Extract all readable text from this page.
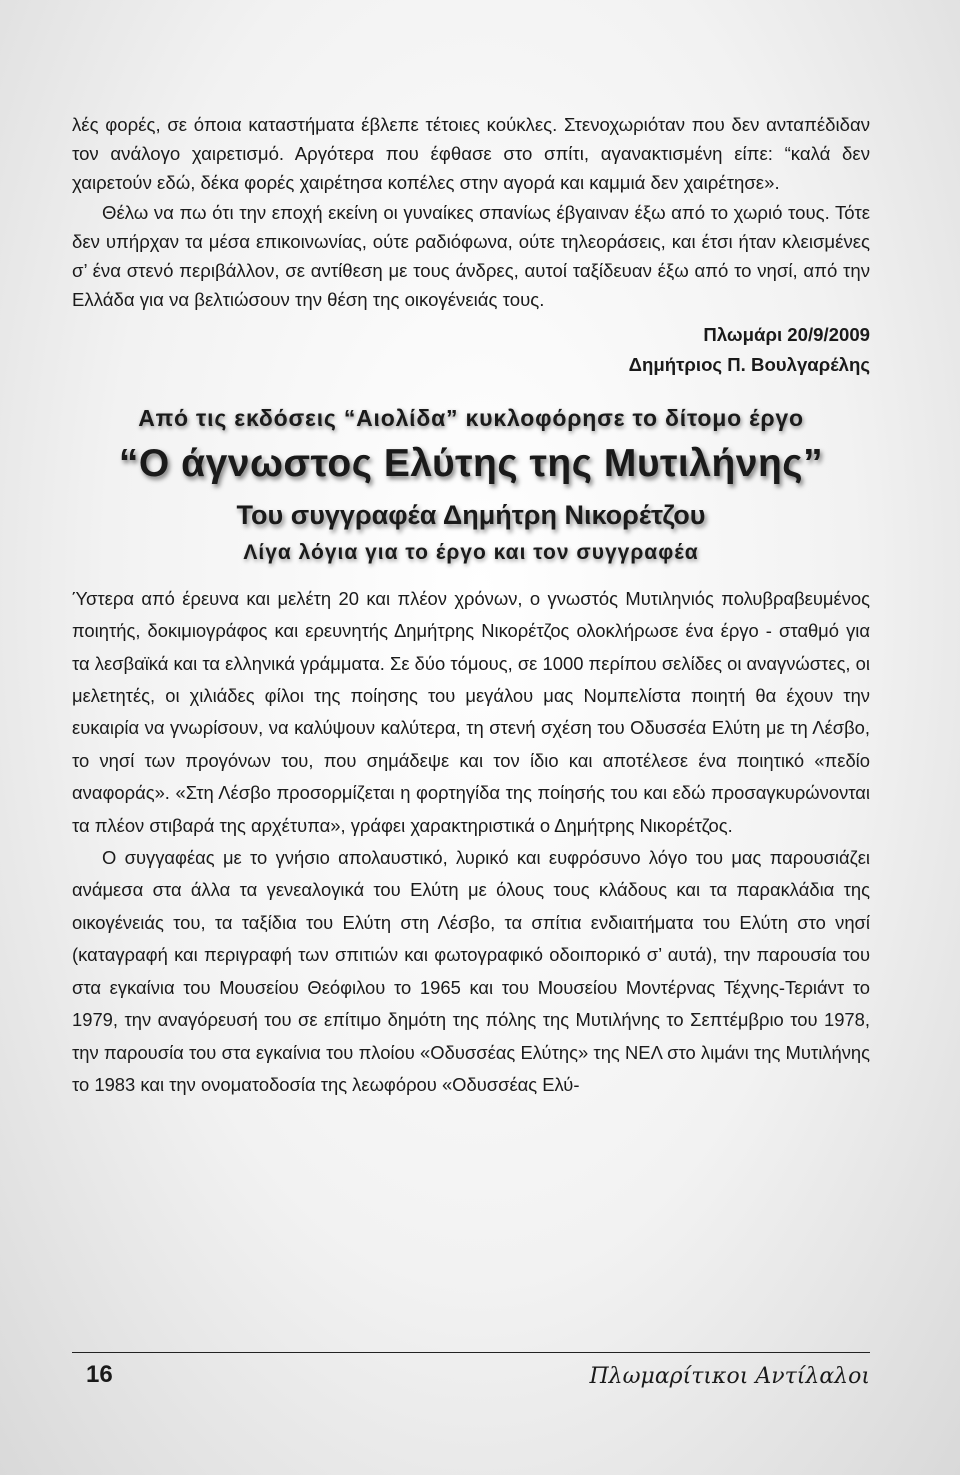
λές φορές, σε όποια καταστήματα έβλεπε τέτοιες κούκλες. Στενοχωριόταν που δεν ανταπέδιδαν τον ανάλογο χαιρετισμό. Αργότερα που έφθασε στο σπίτι, αγανακτισμένη είπε: “καλά δεν χαιρετούν εδώ, δέκα φορές χαιρέτησα κοπέλες στην αγορά και καμμιά δεν χαιρέτησε».

Θέλω να πω ότι την εποχή εκείνη οι γυναίκες σπανίως έβγαιναν έξω από το χωριό τους. Τότε δεν υπήρχαν τα μέσα επικοινωνίας, ούτε ραδιόφωνα, ούτε τηλεοράσεις, και έτσι ήταν κλεισμένες σ’ ένα στενό περιβάλλον, σε αντίθεση με τους άνδρες, αυτοί ταξίδευαν έξω από το νησί, από την Ελλάδα για να βελτιώσουν την θέση της οικογένειάς τους.

Πλωμάρι 20/9/2009
Δημήτριος Π. Βουλγαρέλης
Από τις εκδόσεις “Αιολίδα” κυκλοφόρησε το δίτομο έργο
“Ο άγνωστος Ελύτης της Μυτιλήνης”
Του συγγραφέα Δημήτρη Νικορέτζου
Λίγα λόγια για το έργο και τον συγγραφέα

Ύστερα από έρευνα και μελέτη 20 και πλέον χρόνων, ο γνωστός Μυτιληνιός πολυβραβευμένος ποιητής, δοκιμιογράφος και ερευνητής Δημήτρης Νικορέτζος ολοκλήρωσε ένα έργο - σταθμό για τα λεσβαϊκά και τα ελληνικά γράμματα. Σε δύο τόμους, σε 1000 περίπου σελίδες οι αναγνώστες, οι μελετητές, οι χιλιάδες φίλοι της ποίησης του μεγάλου μας Νομπελίστα ποιητή θα έχουν την ευκαιρία να γνωρίσουν, να καλύψουν καλύτερα, τη στενή σχέση του Οδυσσέα Ελύτη με τη Λέσβο, το νησί των προγόνων του, που σημάδεψε και τον ίδιο και αποτέλεσε ένα ποιητικό «πεδίο αναφοράς». «Στη Λέσβο προσορμίζεται η φορτηγίδα της ποίησής του και εδώ προσαγκυρώνονται τα πλέον στιβαρά της αρχέτυπα», γράφει χαρακτηριστικά ο Δημήτρης Νικορέτζος.

Ο συγγαφέας με το γνήσιο απολαυστικό, λυρικό και ευφρόσυνο λόγο του μας παρουσιάζει ανάμεσα στα άλλα τα γενεαλογικά του Ελύτη με όλους τους κλάδους και τα παρακλάδια της οικογένειάς του, τα ταξίδια του Ελύτη στη Λέσβο, τα σπίτια ενδιαιτήματα του Ελύτη στο νησί (καταγραφή και περιγραφή των σπιτιών και φωτογραφικό οδοιπορικό σ’ αυτά), την παρουσία του στα εγκαίνια του Μουσείου Θεόφιλου το 1965 και του Μουσείου Μοντέρνας Τέχνης-Τεριάντ το 1979, την αναγόρευσή του σε επίτιμο δημότη της πόλης της Μυτιλήνης το Σεπτέμβριο του 1978, την παρουσία του στα εγκαίνια του πλοίου «Οδυσσέας Ελύτης» της ΝΕΛ στο λιμάνι της Μυτιλήνης το 1983 και την ονοματοδοσία της λεωφόρου «Οδυσσέας Ελύ-

16	Πλωμαρίτικοι Αντίλαλοι
